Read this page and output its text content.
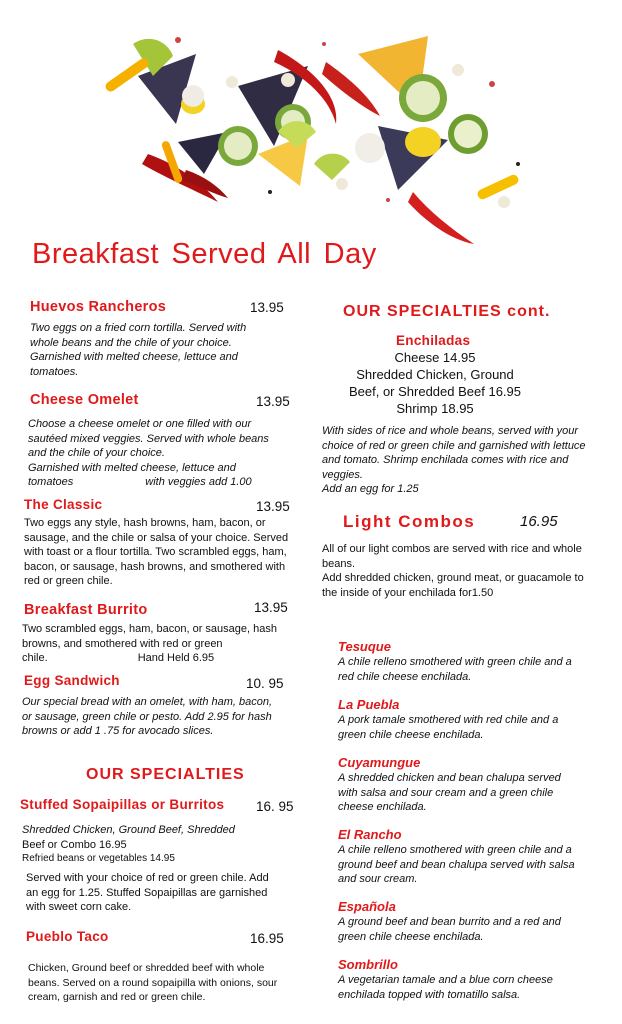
Breakfast Served All Day
Huevos Rancheros	13.95
Two eggs on a fried corn tortilla. Served with whole beans and the chile of your choice. Garnished with melted cheese, lettuce and tomatoes.
Cheese Omelet	13.95
Choose a cheese omelet or one filled with our sautéed mixed veggies. Served with whole beans and the chile of your choice.
Garnished with melted cheese, lettuce and
tomatoes	with veggies add 1.00
The Classic	13.95
Two eggs any style, hash browns, ham, bacon, or sausage, and the chile or salsa of your choice. Served with toast or a flour tortilla. Two scrambled eggs, ham, bacon, or sausage, hash browns, and smothered with red or green chile.
Breakfast Burrito	13.95
Two scrambled eggs, ham, bacon, or sausage, hash browns, and smothered with red or green
chile.	Hand Held 6.95
Egg Sandwich	10. 95
Our special bread with an omelet, with ham, bacon, or sausage, green chile or pesto. Add 2.95 for hash browns or add 1 .75 for avocado slices.
OUR SPECIALTIES
Stuffed Sopaipillas or Burritos 16. 95
Shredded Chicken, Ground Beef, Shredded
Beef or Combo 16.95
Refried beans or vegetables 14.95
Served with your choice of red or green chile. Add an egg for 1.25. Stuffed Sopaipillas are garnished with sweet corn cake.
Pueblo Taco	16.95
Chicken, Ground beef or shredded beef with whole beans. Served on a round sopaipilla with onions, sour cream, garnish and red or green chile.
OUR SPECIALTIES cont.
Enchiladas
Cheese 14.95
Shredded Chicken, Ground
Beef, or Shredded Beef 16.95
Shrimp 18.95
With sides of rice and whole beans, served with your choice of red or green chile and garnished with lettuce and tomato. Shrimp enchilada comes with rice and veggies.
Add an egg for 1.25
Light Combos	16.95
All of our light combos are served with rice and whole beans.
Add shredded chicken, ground meat, or guacamole to the inside of your enchilada for1.50
Tesuque
A chile relleno smothered with green chile and a red chile cheese enchilada.
La Puebla
A pork tamale smothered with red chile and a green chile cheese enchilada.
Cuyamungue
A shredded chicken and bean chalupa served with salsa and sour cream and a green chile cheese enchilada.
El Rancho
A chile relleno smothered with green chile and a ground beef and bean chalupa served with salsa and sour cream.
Española
A ground beef and bean burrito and a red and green chile cheese enchilada.
Sombrillo
A vegetarian tamale and a blue corn cheese enchilada topped with tomatillo salsa.
